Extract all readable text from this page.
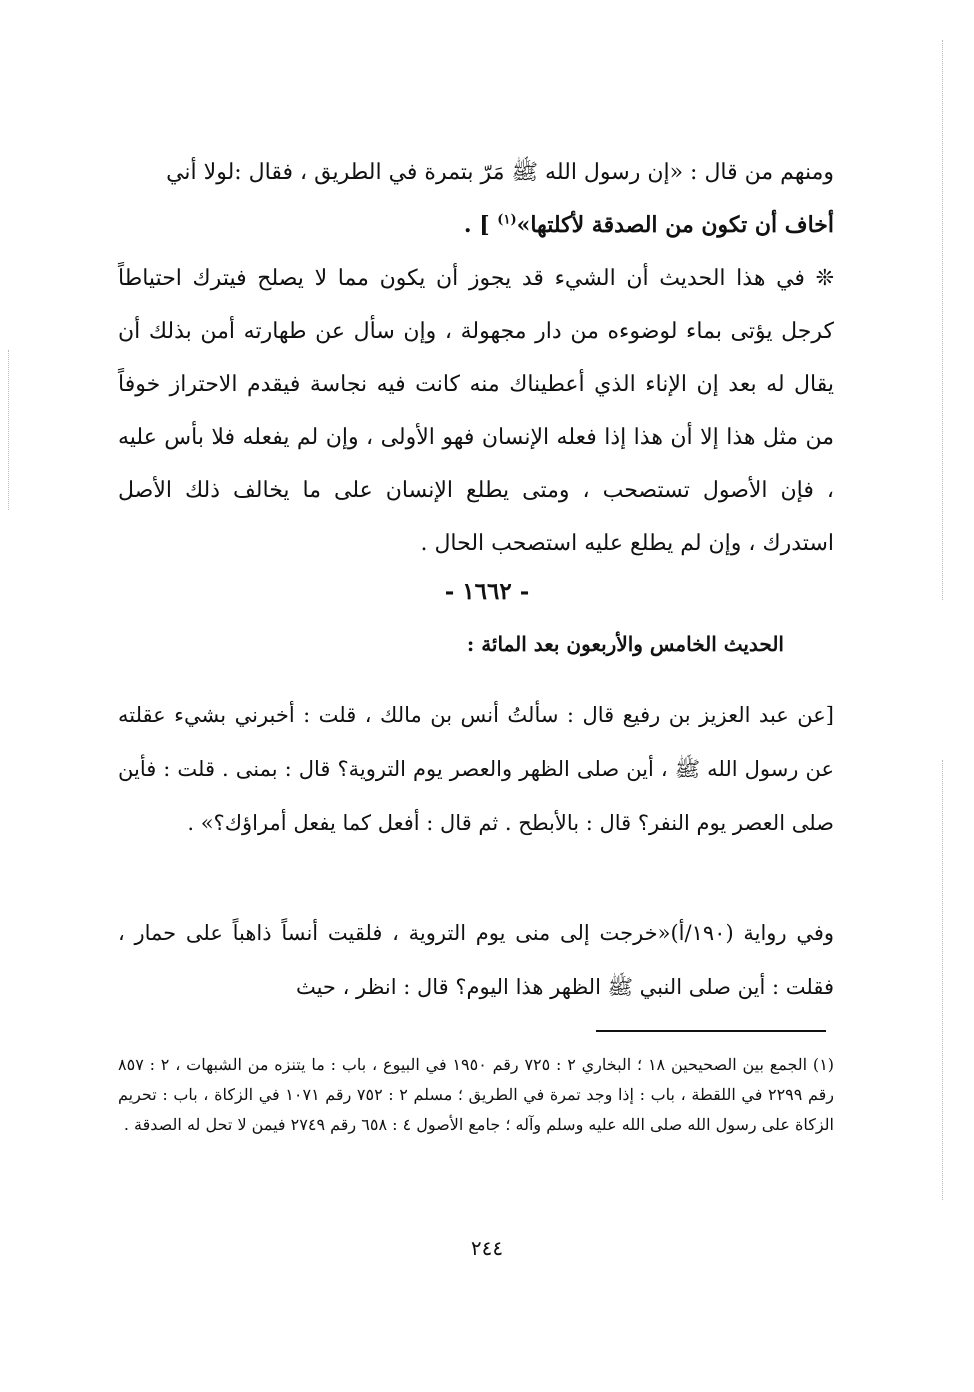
ومنهم من قال : «إن رسول الله ﷺ مَرّ بتمرة في الطريق ، فقال :لولا أني

أخاف أن تكون من الصدقة لأكلتها»$^{(١)}$ ] .

❊ في هذا الحديث أن الشيء قد يجوز أن يكون مما لا يصلح فيترك احتياطاً كرجل يؤتى بماء لوضوءه من دار مجهولة ، وإن سأل عن طهارته أمن بذلك أن يقال له بعد إن الإناء الذي أعطيناك منه كانت فيه نجاسة فيقدم الاحتراز خوفاً من مثل هذا إلا أن هذا إذا فعله الإنسان فهو الأولى ، وإن لم يفعله فلا بأس عليه ، فإن الأصول تستصحب ، ومتى يطلع الإنسان على ما يخالف ذلك الأصل استدرك ، وإن لم يطلع عليه استصحب الحال .

- ١٦٦٢ -
الحديث الخامس والأربعون بعد المائة :

[عن عبد العزيز بن رفيع قال : سألتُ أنس بن مالك ، قلت : أخبرني بشيء عقلته عن رسول الله ﷺ ، أين صلى الظهر والعصر يوم التروية؟ قال : بمنى . قلت : فأين صلى العصر يوم النفر؟ قال : بالأبطح . ثم قال : أفعل كما يفعل أمراؤك؟» .

وفي رواية (١٩٠/أ)«خرجت إلى منى يوم التروية ، فلقيت أنساً ذاهباً على حمار ، فقلت : أين صلى النبي ﷺ الظهر هذا اليوم؟ قال : انظر ، حيث

(١) الجمع بين الصحيحين ١٨ ؛ البخاري ٢ : ٧٢٥ رقم ١٩٥٠ في البيوع ، باب : ما يتنزه من الشبهات ، ٢ : ٨٥٧ رقم ٢٢٩٩ في اللقطة ، باب : إذا وجد تمرة في الطريق ؛ مسلم ٢ : ٧٥٢ رقم ١٠٧١ في الزكاة ، باب : تحريم الزكاة على رسول الله صلى الله عليه وسلم وآله ؛ جامع الأصول ٤ : ٦٥٨ رقم ٢٧٤٩ فيمن لا تحل له الصدقة .

٢٤٤
